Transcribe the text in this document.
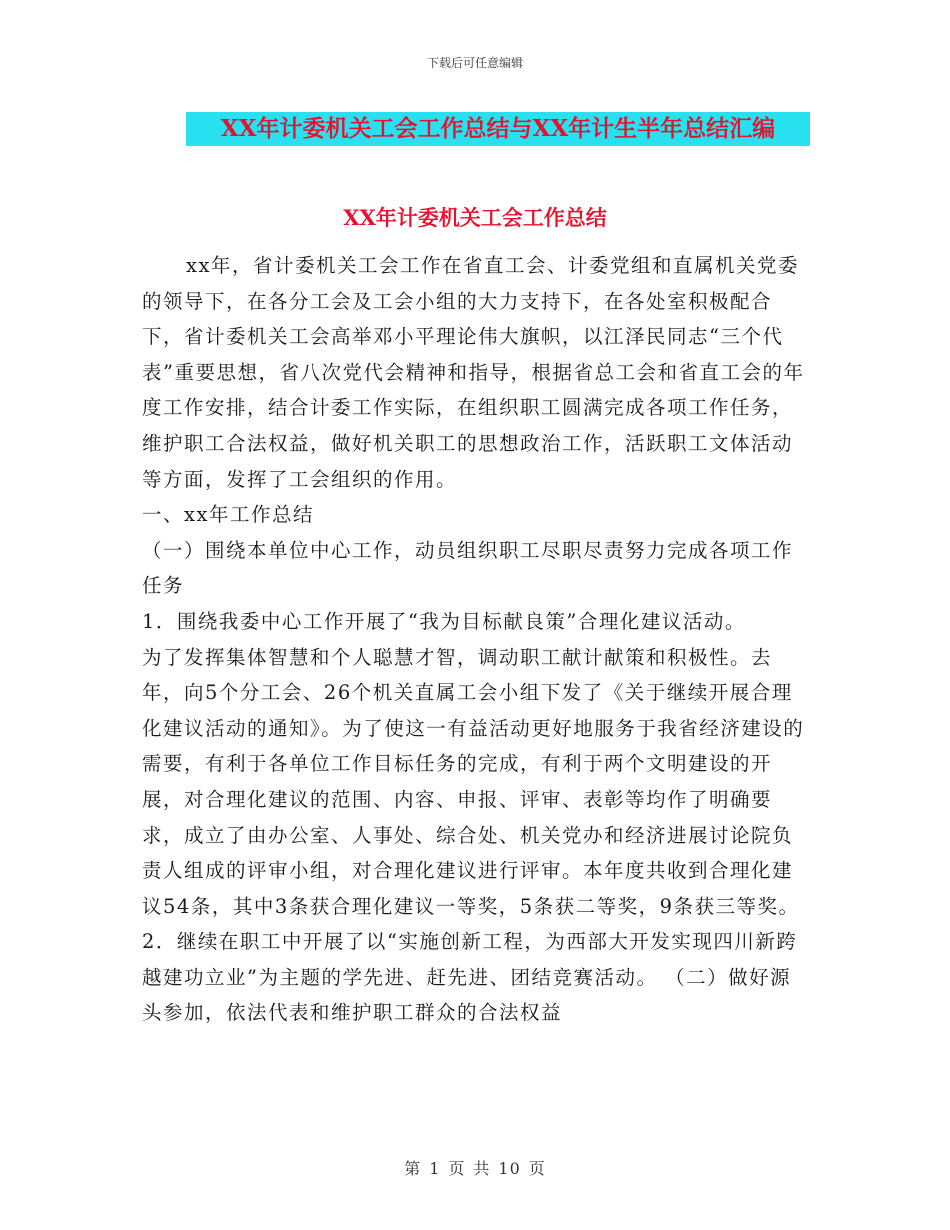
下载后可任意编辑
XX年计委机关工会工作总结与XX年计生半年总结汇编
XX年计委机关工会工作总结

xx年，省计委机关工会工作在省直工会、计委党组和直属机关党委的领导下，在各分工会及工会小组的大力支持下，在各处室积极配合下，省计委机关工会高举邓小平理论伟大旗帜，以江泽民同志“三个代表”重要思想，省八次党代会精神和指导，根据省总工会和省直工会的年度工作安排，结合计委工作实际，在组织职工圆满完成各项工作任务，维护职工合法权益，做好机关职工的思想政治工作，活跃职工文体活动等方面，发挥了工会组织的作用。

一、xx年工作总结

（一）围绕本单位中心工作，动员组织职工尽职尽责努力完成各项工作任务

1．围绕我委中心工作开展了“我为目标献良策”合理化建议活动。

为了发挥集体智慧和个人聪慧才智，调动职工献计献策和积极性。去年，向5个分工会、26个机关直属工会小组下发了《关于继续开展合理化建议活动的通知》。为了使这一有益活动更好地服务于我省经济建设的需要，有利于各单位工作目标任务的完成，有利于两个文明建设的开展，对合理化建议的范围、内容、申报、评审、表彰等均作了明确要求，成立了由办公室、人事处、综合处、机关党办和经济进展讨论院负责人组成的评审小组，对合理化建议进行评审。本年度共收到合理化建议54条，其中3条获合理化建议一等奖，5条获二等奖，9条获三等奖。

2．继续在职工中开展了以“实施创新工程，为西部大开发实现四川新跨越建功立业”为主题的学先进、赶先进、团结竞赛活动。 （二）做好源头参加，依法代表和维护职工群众的合法权益

第 1 页 共 10 页
